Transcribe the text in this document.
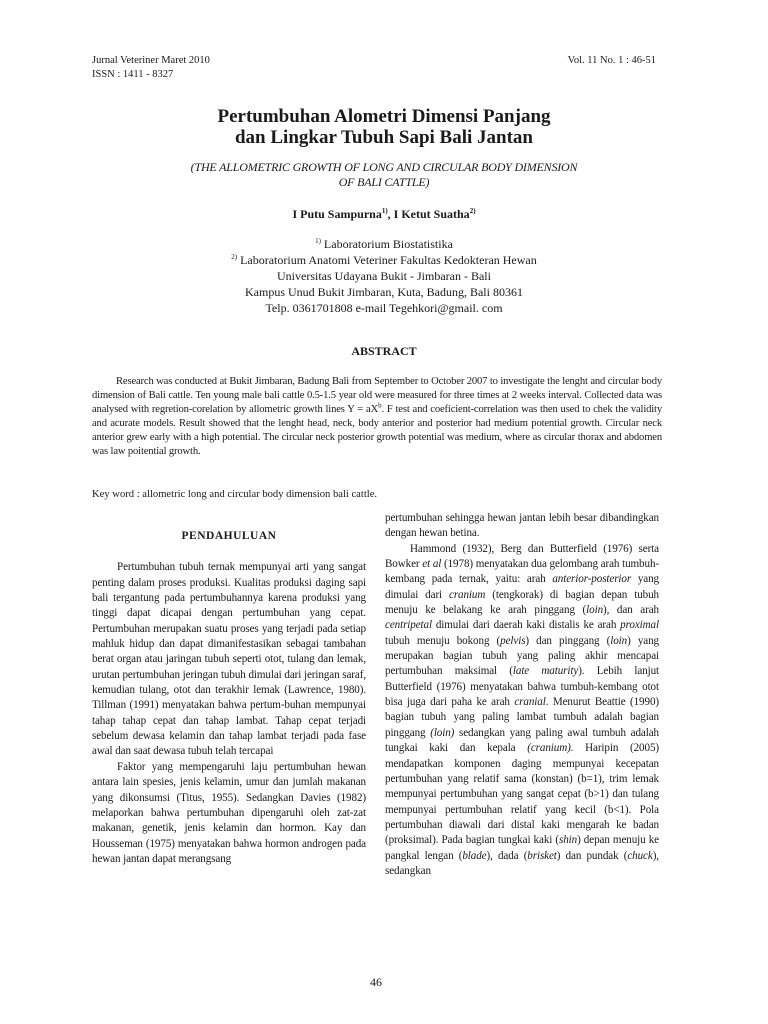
Jurnal Veteriner Maret 2010
ISSN : 1411 - 8327
Vol. 11 No. 1 : 46-51
Pertumbuhan Alometri Dimensi Panjang
dan Lingkar Tubuh Sapi Bali Jantan
(THE ALLOMETRIC GROWTH OF LONG AND CIRCULAR BODY DIMENSION
OF BALI CATTLE)
I Putu Sampurna$^{1)}$, I Ketut Suatha$^{2)}$
$^{1)}$ Laboratorium Biostatistika
$^{2)}$ Laboratorium Anatomi Veteriner Fakultas Kedokteran Hewan
Universitas Udayana Bukit - Jimbaran - Bali
Kampus Unud Bukit Jimbaran, Kuta, Badung, Bali 80361
Telp. 0361701808 e-mail Tegehkori@gmail. com
ABSTRACT
Research was conducted at Bukit Jimbaran, Badung Bali from September to October 2007 to investigate the lenght and circular body dimension of Bali cattle. Ten young male bali cattle 0.5-1.5 year old were measured for three times at 2 weeks interval. Collected data was analysed with regretion-corelation by allometric growth lines $Y = aX^b$. F test and coeficient-correlation was then used to chek the validity and acurate models. Result showed that the lenght head, neck, body anterior and posterior had medium potential growth. Circular neck anterior grew early with a high potential. The circular neck posterior growth potential was medium, where as circular thorax and abdomen was law poitential growth.
Key word : allometric long and circular body dimension bali cattle.
PENDAHULUAN

Pertumbuhan tubuh ternak mempunyai arti yang sangat penting dalam proses produksi. Kualitas produksi daging sapi bali tergantung pada pertumbuhannya karena produksi yang tinggi dapat dicapai dengan pertumbuhan yang cepat. Pertumbuhan merupakan suatu proses yang terjadi pada setiap mahluk hidup dan dapat dimanifestasikan sebagai tambahan berat organ atau jaringan tubuh seperti otot, tulang dan lemak, urutan pertumbuhan jeringan tubuh dimulai dari jeringan saraf, kemudian tulang, otot dan terakhir lemak (Lawrence, 1980). Tillman (1991) menyatakan bahwa pertum-buhan mempunyai tahap tahap cepat dan tahap lambat. Tahap cepat terjadi sebelum dewasa kelamin dan tahap lambat terjadi pada fase awal dan saat dewasa tubuh telah tercapai

Faktor yang mempengaruhi laju pertumbuhan hewan antara lain spesies, jenis kelamin, umur dan jumlah makanan yang dikonsumsi (Titus, 1955). Sedangkan Davies (1982) melaporkan bahwa pertumbuhan dipengaruhi oleh zat-zat makanan, genetik, jenis kelamin dan hormon. Kay dan Housseman (1975) menyatakan bahwa hormon androgen pada hewan jantan dapat merangsang

pertumbuhan sehingga hewan jantan lebih besar dibandingkan dengan hewan betina.

Hammond (1932), Berg dan Butterfield (1976) serta Bowker et al (1978) menyatakan dua gelombang arah tumbuh-kembang pada ternak, yaitu: arah anterior-posterior yang dimulai dari cranium (tengkorak) di bagian depan tubuh menuju ke belakang ke arah pinggang (loin), dan arah centripetal dimulai dari daerah kaki distalis ke arah proximal tubuh menuju bokong (pelvis) dan pinggang (loin) yang merupakan bagian tubuh yang paling akhir mencapai pertumbuhan maksimal (late maturity). Lebih lanjut Butterfield (1976) menyatakan bahwa tumbuh-kembang otot bisa juga dari paha ke arah cranial. Menurut Beattie (1990) bagian tubuh yang paling lambat tumbuh adalah bagian pinggang (loin) sedangkan yang paling awal tumbuh adalah tungkai kaki dan kepala (cranium). Haripin (2005) mendapatkan komponen daging mempunyai kecepatan pertumbuhan yang relatif sama (konstan) (b=1), trim lemak mempunyai pertumbuhan yang sangat cepat (b>1) dan tulang mempunyai pertumbuhan relatif yang kecil (b<1). Pola pertumbuhan diawali dari distal kaki mengarah ke badan (proksimal). Pada bagian tungkai kaki (shin) depan menuju ke pangkal lengan (blade), dada (brisket) dan pundak (chuck), sedangkan

46
